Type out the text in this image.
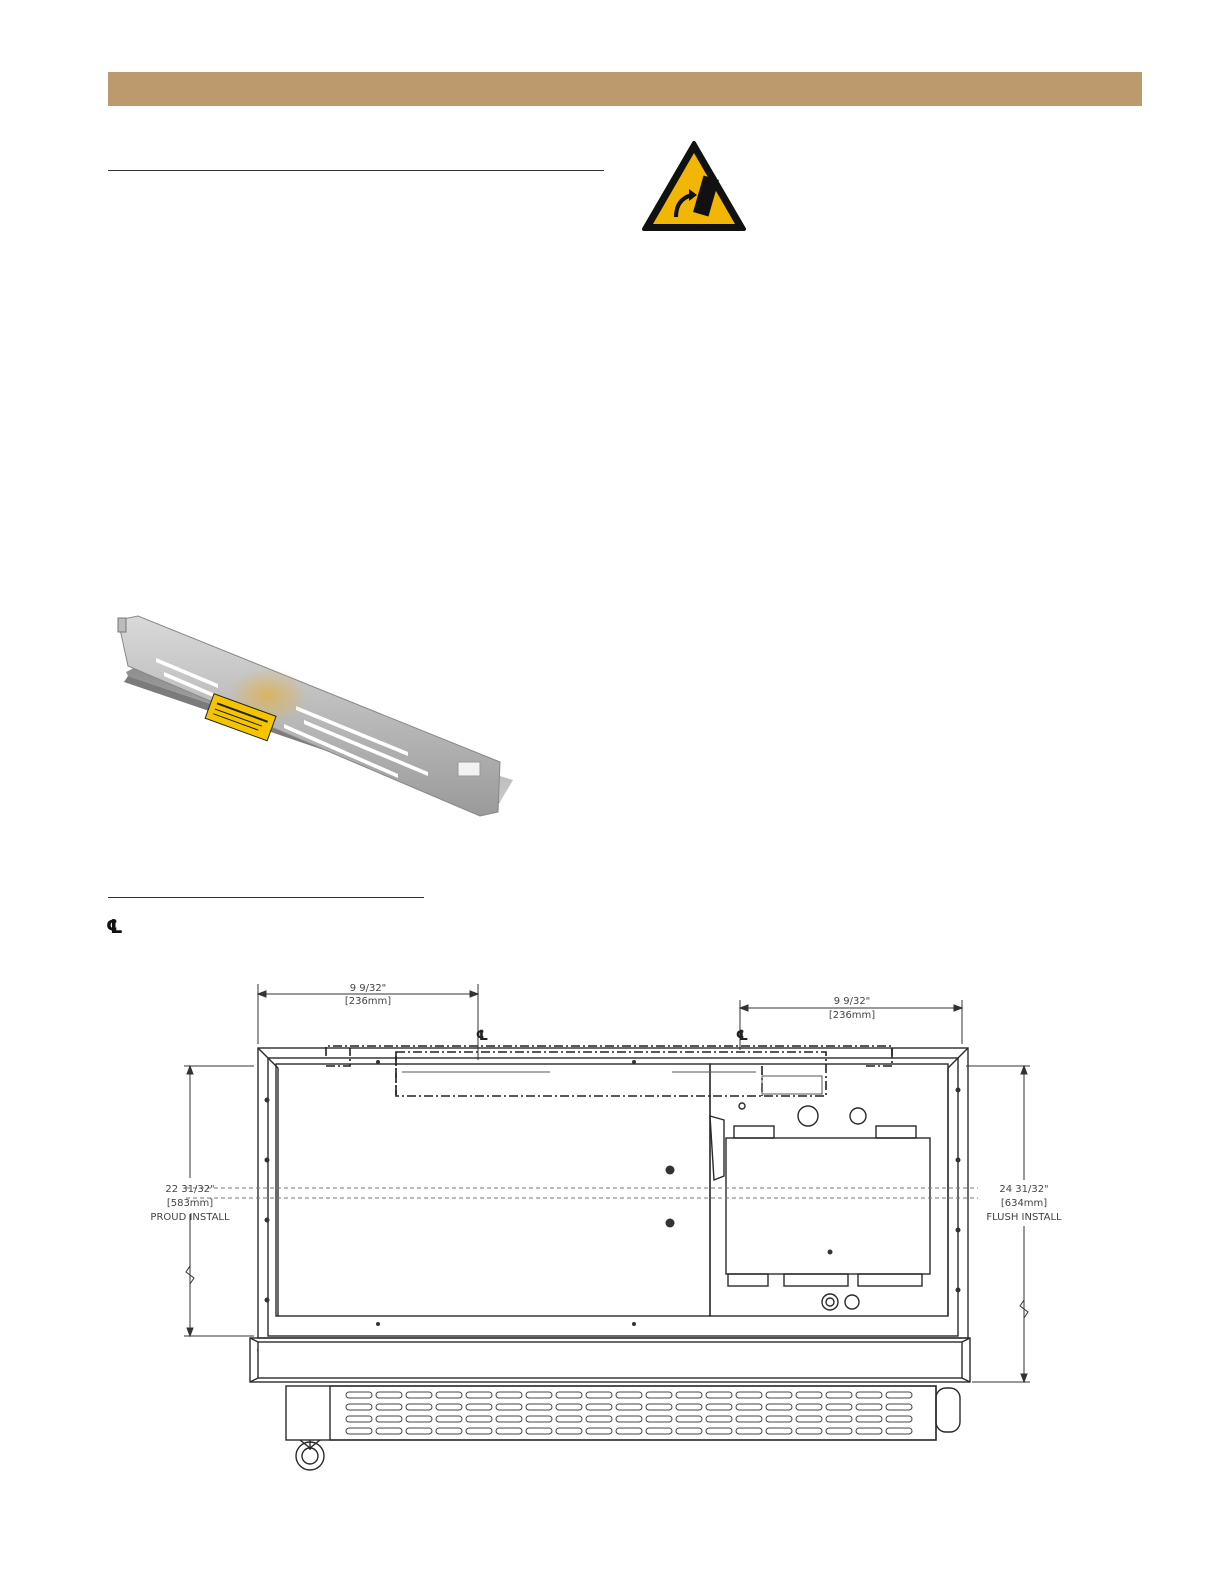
℄
9 9/32"
[236mm]	9 9/32"
[236mm]
℄	℄
22 31/32"
[583mm]
PROUD INSTALL
24 31/32"
[634mm]
FLUSH INSTALL
